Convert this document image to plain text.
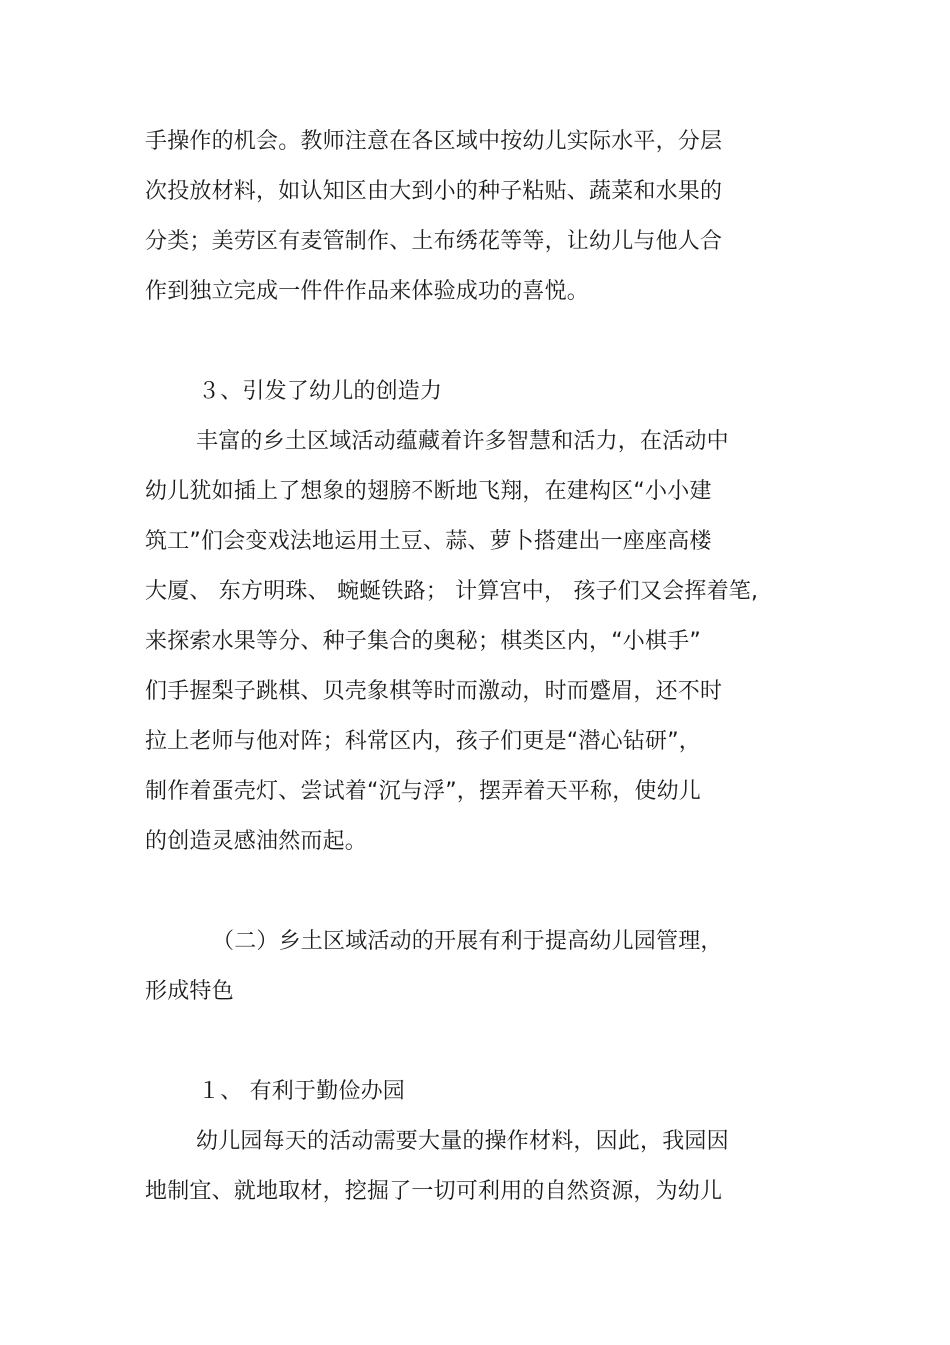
手操作的机会。教师注意在各区域中按幼儿实际水平，分层
次投放材料，如认知区由大到小的种子粘贴、蔬菜和水果的
分类；美劳区有麦管制作、土布绣花等等，让幼儿与他人合
作到独立完成一件件作品来体验成功的喜悦。
３、引发了幼儿的创造力
丰富的乡土区域活动蕴藏着许多智慧和活力，在活动中
幼儿犹如插上了想象的翅膀不断地飞翔，在建构区“小小建
筑工”们会变戏法地运用土豆、蒜、萝卜搭建出一座座高楼
大厦、 东方明珠、 蜿蜒铁路； 计算宫中， 孩子们又会挥着笔,
来探索水果等分、种子集合的奥秘；棋类区内，“小棋手”
们手握梨子跳棋、贝壳象棋等时而激动，时而蹙眉，还不时
拉上老师与他对阵；科常区内，孩子们更是“潜心钻研”，
制作着蛋壳灯、尝试着“沉与浮”，摆弄着天平称，使幼儿
的创造灵感油然而起。
（二）乡土区域活动的开展有利于提高幼儿园管理，
形成特色
１、 有利于勤俭办园
幼儿园每天的活动需要大量的操作材料，因此，我园因
地制宜、就地取材，挖掘了一切可利用的自然资源，为幼儿
